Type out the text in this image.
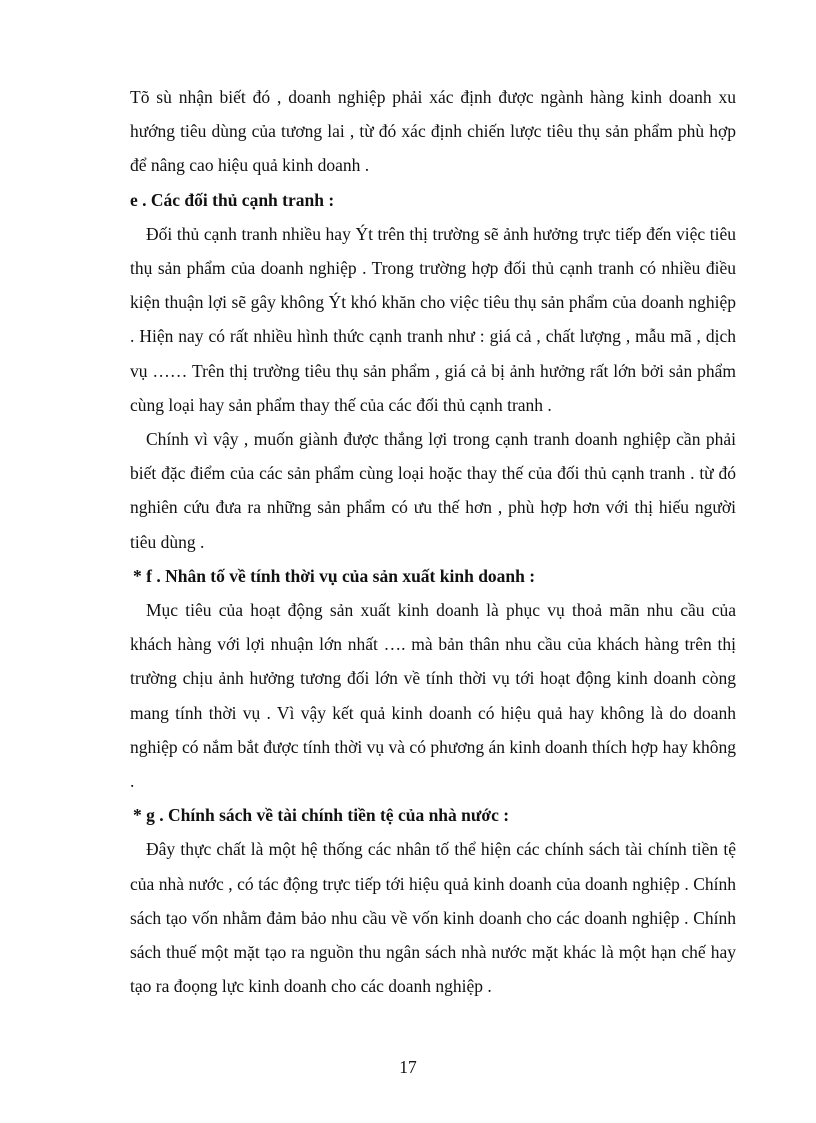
Tõ sù nhận biết đó , doanh nghiệp phải xác định được ngành hàng kinh doanh xu hướng tiêu dùng của tương lai , từ đó xác định chiến lược tiêu thụ sản phẩm phù hợp để nâng cao hiệu quả kinh doanh .

e . Các đối thủ cạnh tranh :

Đối thủ cạnh tranh nhiều hay Ýt trên thị trường sẽ ảnh hưởng trực tiếp đến việc tiêu thụ sản phẩm của doanh nghiệp . Trong trường hợp đối thủ cạnh tranh có nhiều điều kiện thuận lợi sẽ gây không Ýt khó khăn cho việc tiêu thụ sản phẩm của doanh nghiệp . Hiện nay có rất nhiều hình thức cạnh tranh như : giá cả , chất lượng , mẫu mã , dịch vụ …… Trên thị trường tiêu thụ sản phẩm , giá cả bị ảnh hưởng rất lớn bởi sản phẩm cùng loại hay sản phẩm thay thế của các đối thủ cạnh tranh .

Chính vì vậy , muốn giành được thắng lợi trong cạnh tranh doanh nghiệp cần phải biết đặc điểm của các sản phẩm cùng loại hoặc thay thế của đối thủ cạnh tranh . từ đó nghiên cứu đưa ra những sản phẩm có ưu thế hơn , phù hợp hơn với thị hiếu người tiêu dùng .

* f . Nhân tố về tính thời vụ của sản xuất kinh doanh :

Mục tiêu của hoạt động sản xuất kinh doanh là phục vụ thoả mãn nhu cầu của khách hàng với lợi nhuận lớn nhất …. mà bản thân nhu cầu của khách hàng trên thị trường chịu ảnh hưởng tương đối lớn về tính thời vụ tới hoạt động kinh doanh còng mang tính thời vụ . Vì vậy kết quả kinh doanh có hiệu quả hay không là do doanh nghiệp có nắm bắt được tính thời vụ và có phương án kinh doanh thích hợp hay không .

* g . Chính sách về tài chính tiền tệ của nhà nước :

Đây thực chất là một hệ thống các nhân tố thể hiện các chính sách tài chính tiền tệ của nhà nước , có tác động trực tiếp tới hiệu quả kinh doanh của doanh nghiệp . Chính sách tạo vốn nhằm đảm bảo nhu cầu về vốn kinh doanh cho các doanh nghiệp . Chính sách thuế một mặt tạo ra nguồn thu ngân sách nhà nước mặt khác là một hạn chế hay tạo ra đoọng lực kinh doanh cho các doanh nghiệp .

17
